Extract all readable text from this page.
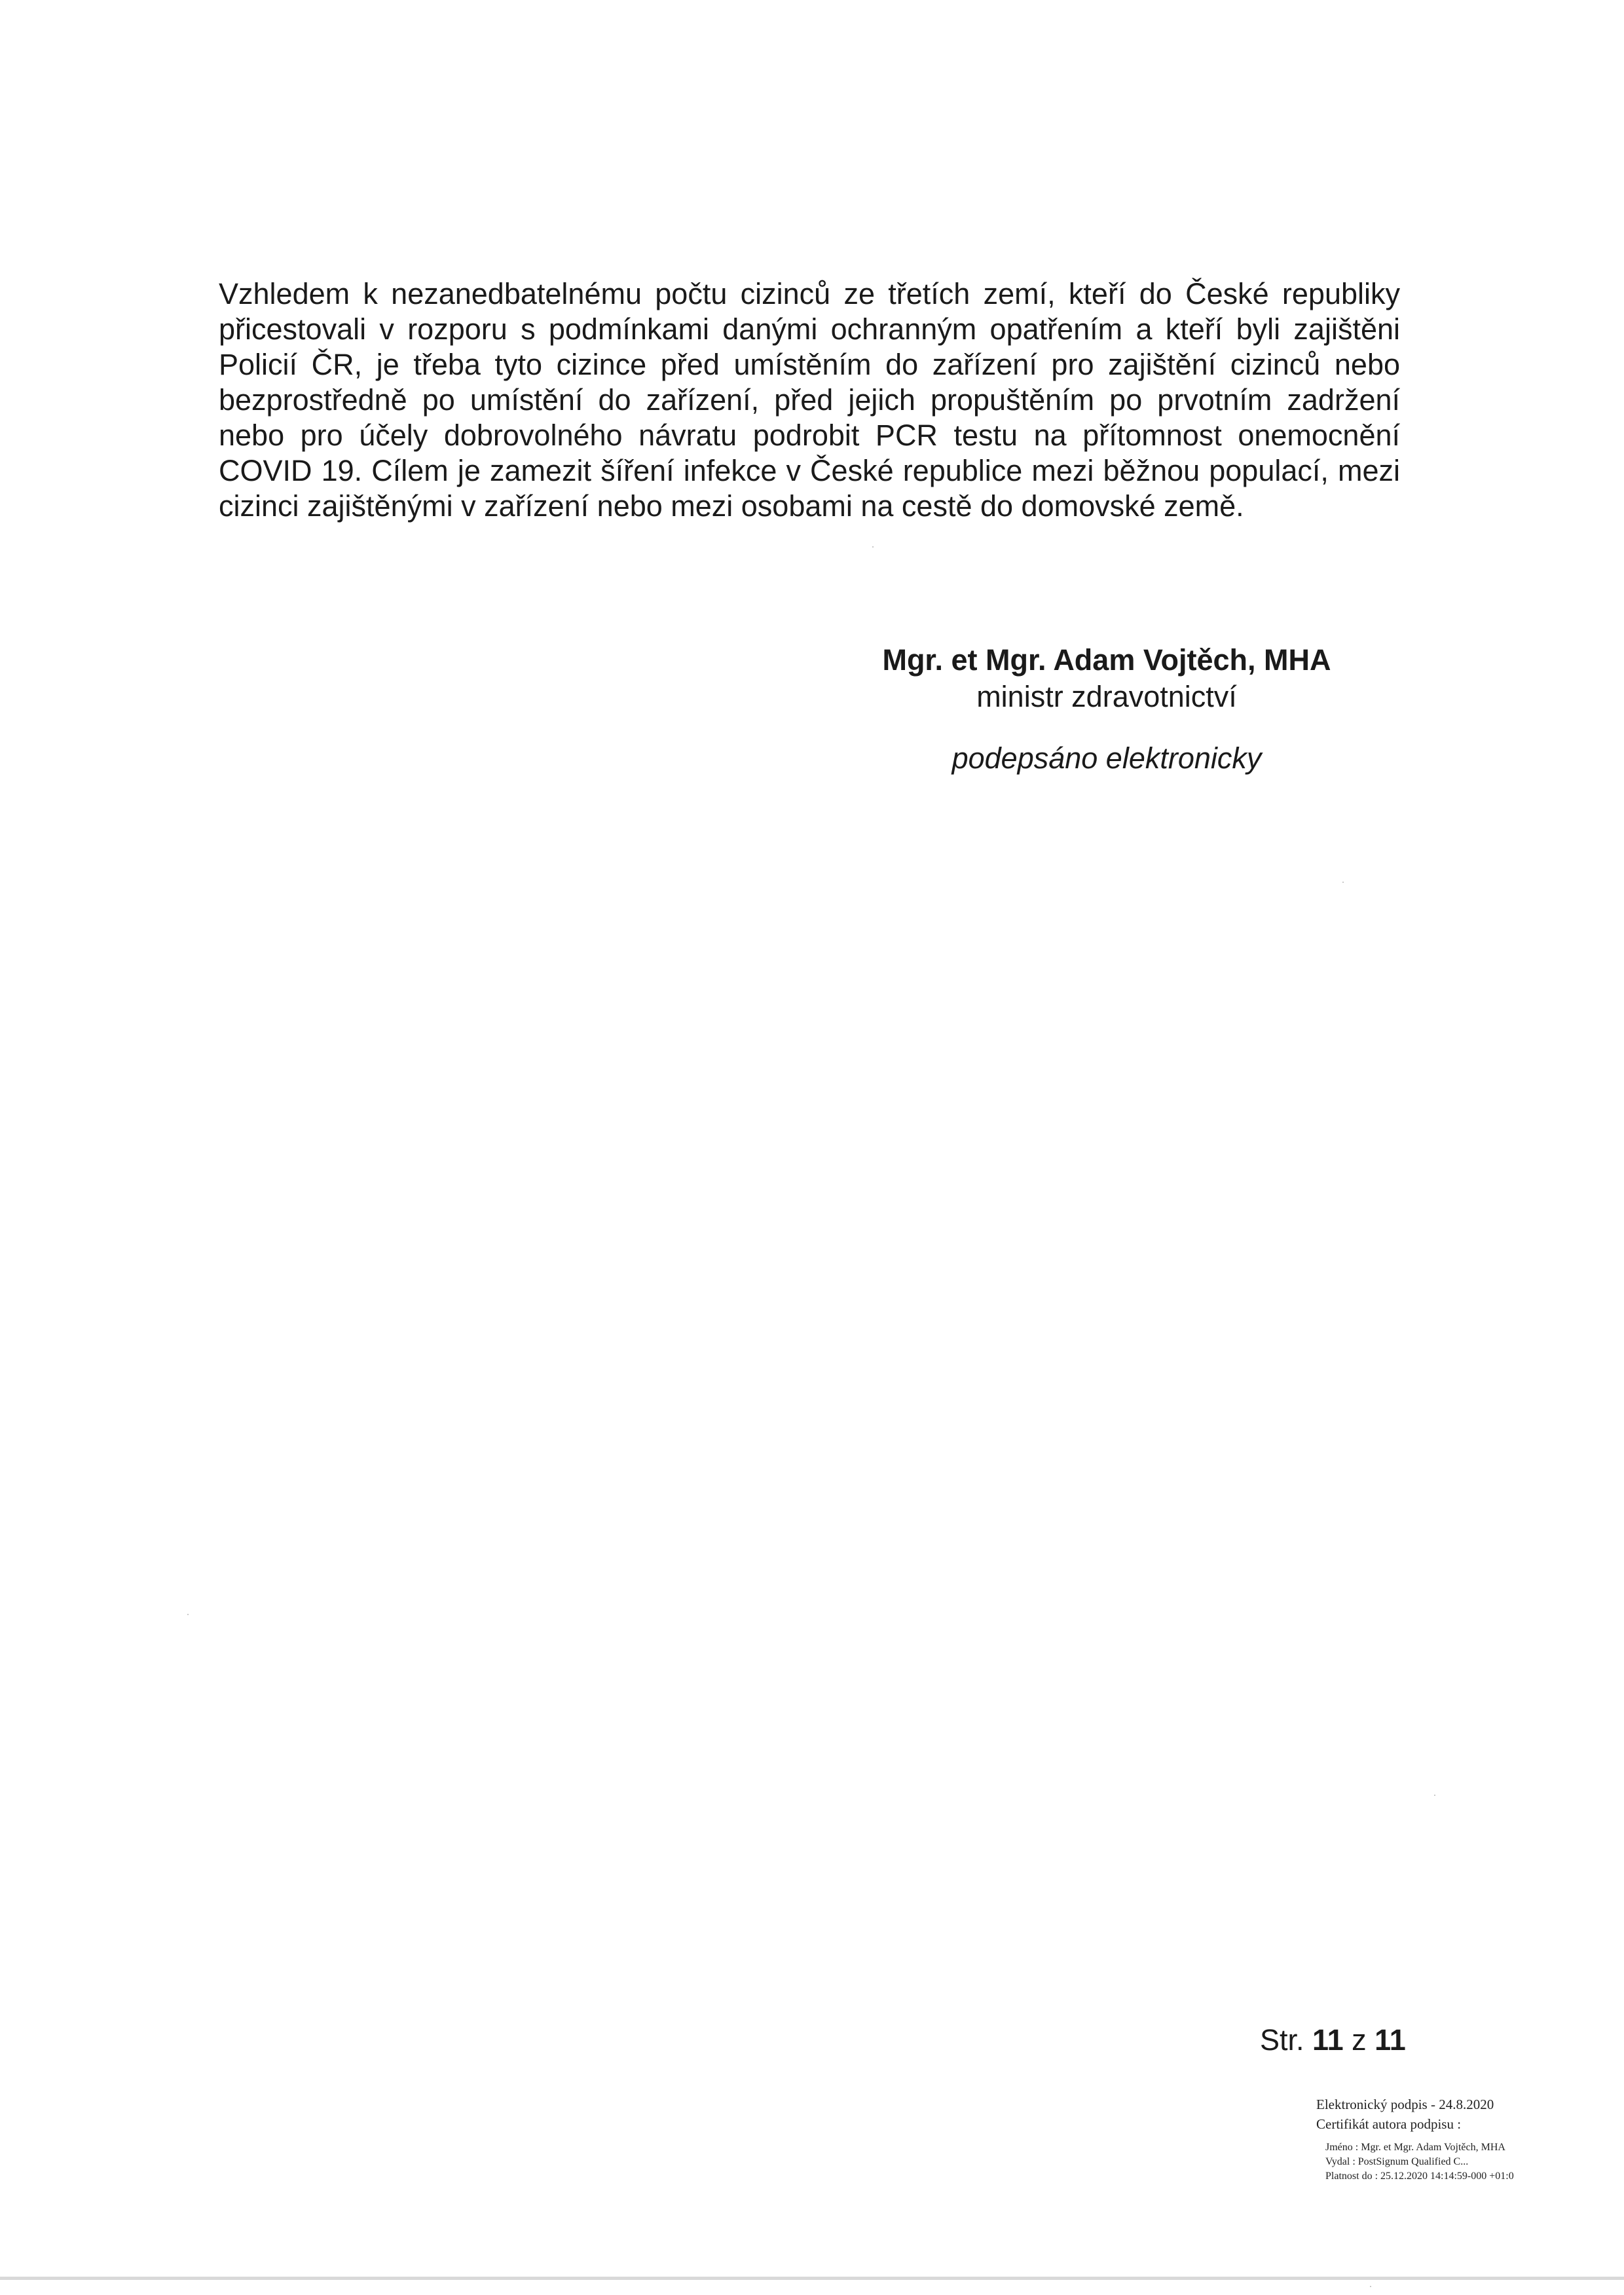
Vzhledem k nezanedbatelnému počtu cizinců ze třetích zemí, kteří do České republiky přicestovali v rozporu s podmínkami danými ochranným opatřením a kteří byli zajištěni Policií ČR, je třeba tyto cizince před umístěním do zařízení pro zajištění cizinců nebo bezprostředně po umístění do zařízení, před jejich propuštěním po prvotním zadržení nebo pro účely dobrovolného návratu podrobit PCR testu na přítomnost onemocnění COVID 19. Cílem je zamezit šíření infekce v České republice mezi běžnou populací, mezi cizinci zajištěnými v zařízení nebo mezi osobami na cestě do domovské země.

Mgr. et Mgr. Adam Vojtěch, MHA

ministr zdravotnictví

podepsáno elektronicky

Str. 11 z 11

Elektronický podpis - 24.8.2020

Certifikát autora podpisu :

Jméno : Mgr. et Mgr. Adam Vojtěch, MHA
Vydal : PostSignum Qualified C...
Platnost do : 25.12.2020 14:14:59-000 +01:0
